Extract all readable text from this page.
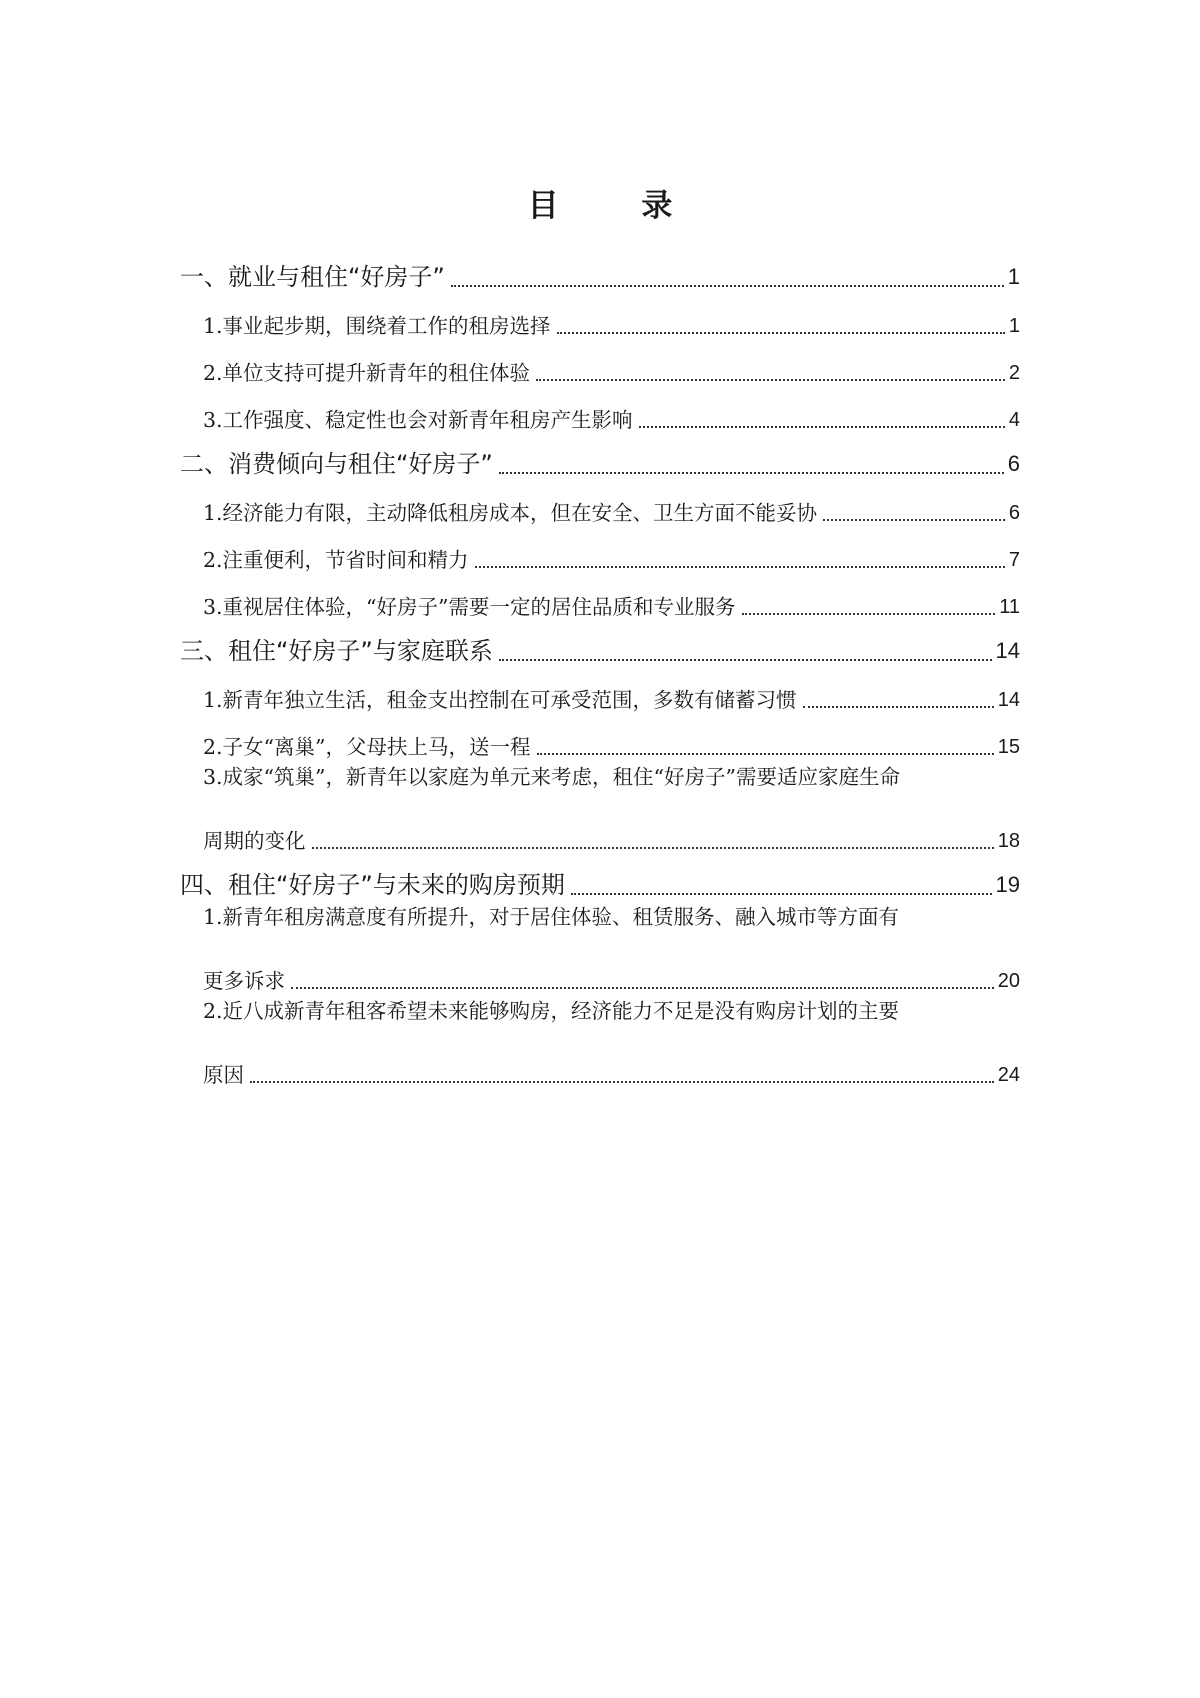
目 录
一、就业与租住“好房子”	1
1.事业起步期，围绕着工作的租房选择	1
2.单位支持可提升新青年的租住体验	2
3.工作强度、稳定性也会对新青年租房产生影响	4
二、消费倾向与租住“好房子”	6
1.经济能力有限，主动降低租房成本，但在安全、卫生方面不能妥协	6
2.注重便利，节省时间和精力	7
3.重视居住体验，“好房子”需要一定的居住品质和专业服务	11
三、租住“好房子”与家庭联系	14
1.新青年独立生活，租金支出控制在可承受范围，多数有储蓄习惯	14
2.子女“离巢”，父母扶上马，送一程	15
3.成家“筑巢”，新青年以家庭为单元来考虑，租住“好房子”需要适应家庭生命
周期的变化	18
四、租住“好房子”与未来的购房预期	19
1.新青年租房满意度有所提升，对于居住体验、租赁服务、融入城市等方面有
更多诉求	20
2.近八成新青年租客希望未来能够购房，经济能力不足是没有购房计划的主要
原因	24
